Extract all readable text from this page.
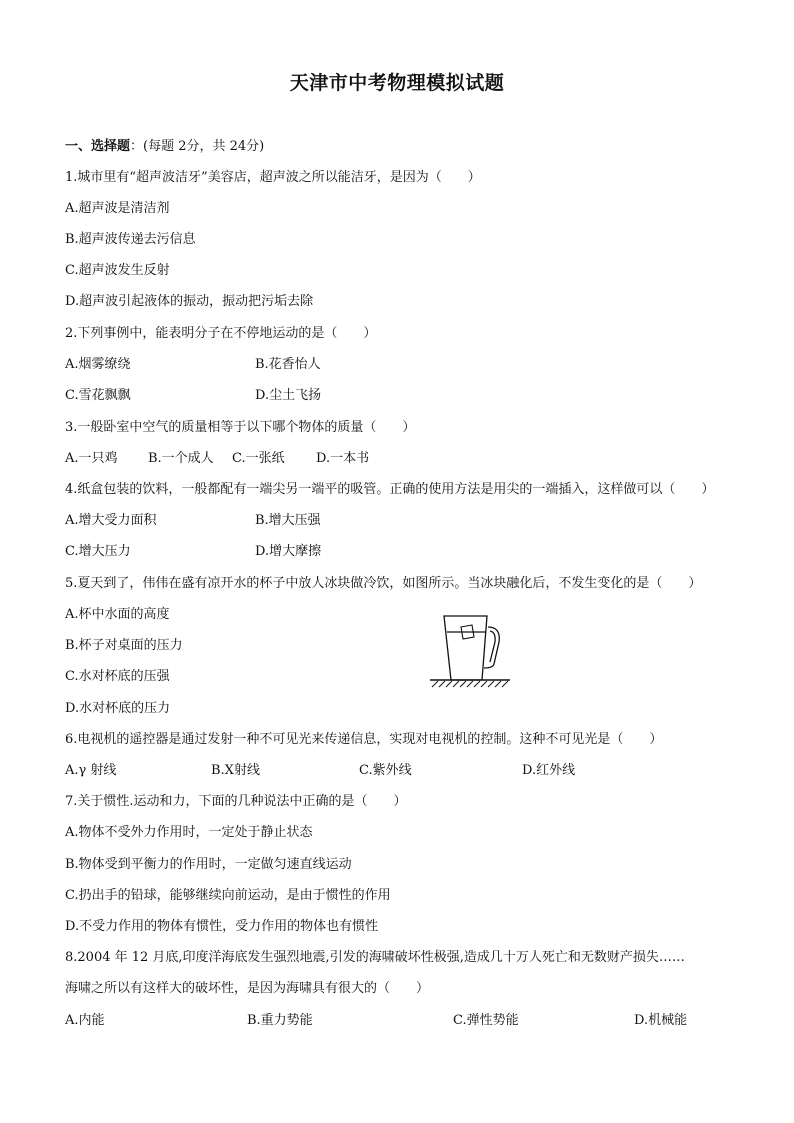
天津市中考物理模拟试题
一、选择题：(每题 2分，共 24分)
1.城市里有“超声波洁牙”美容店，超声波之所以能洁牙，是因为（　　）
A.超声波是清洁剂
B.超声波传递去污信息
C.超声波发生反射
D.超声波引起液体的振动，振动把污垢去除
2.下列事例中，能表明分子在不停地运动的是（　　）
A.烟雾缭绕	B.花香怡人
C.雪花飘飘	D.尘土飞扬
3.一般卧室中空气的质量相等于以下哪个物体的质量（　　）
A.一只鸡 B.一个成人 C.一张纸 D.一本书
4.纸盒包装的饮料，一般都配有一端尖另一端平的吸管。正确的使用方法是用尖的一端插入，这样做可以（　　）
A.增大受力面积	B.增大压强
C.增大压力	D.增大摩擦
5.夏天到了，伟伟在盛有凉开水的杯子中放人冰块做冷饮，如图所示。当冰块融化后，不发生变化的是（　　）
A.杯中水面的高度
B.杯子对桌面的压力
C.水对杯底的压强
D.水对杯底的压力
6.电视机的遥控器是通过发射一种不可见光来传递信息，实现对电视机的控制。这种不可见光是（　　）
A.γ 射线	B.X射线	C.紫外线	D.红外线
7.关于惯性.运动和力，下面的几种说法中正确的是（　　）
A.物体不受外力作用时，一定处于静止状态
B.物体受到平衡力的作用时，一定做匀速直线运动
C.扔出手的铅球，能够继续向前运动，是由于惯性的作用
D.不受力作用的物体有惯性，受力作用的物体也有惯性
8.2004 年 12 月底,印度洋海底发生强烈地震,引发的海啸破坏性极强,造成几十万人死亡和无数财产损失……
海啸之所以有这样大的破坏性，是因为海啸具有很大的（　　）
A.内能	B.重力势能	C.弹性势能	D.机械能
